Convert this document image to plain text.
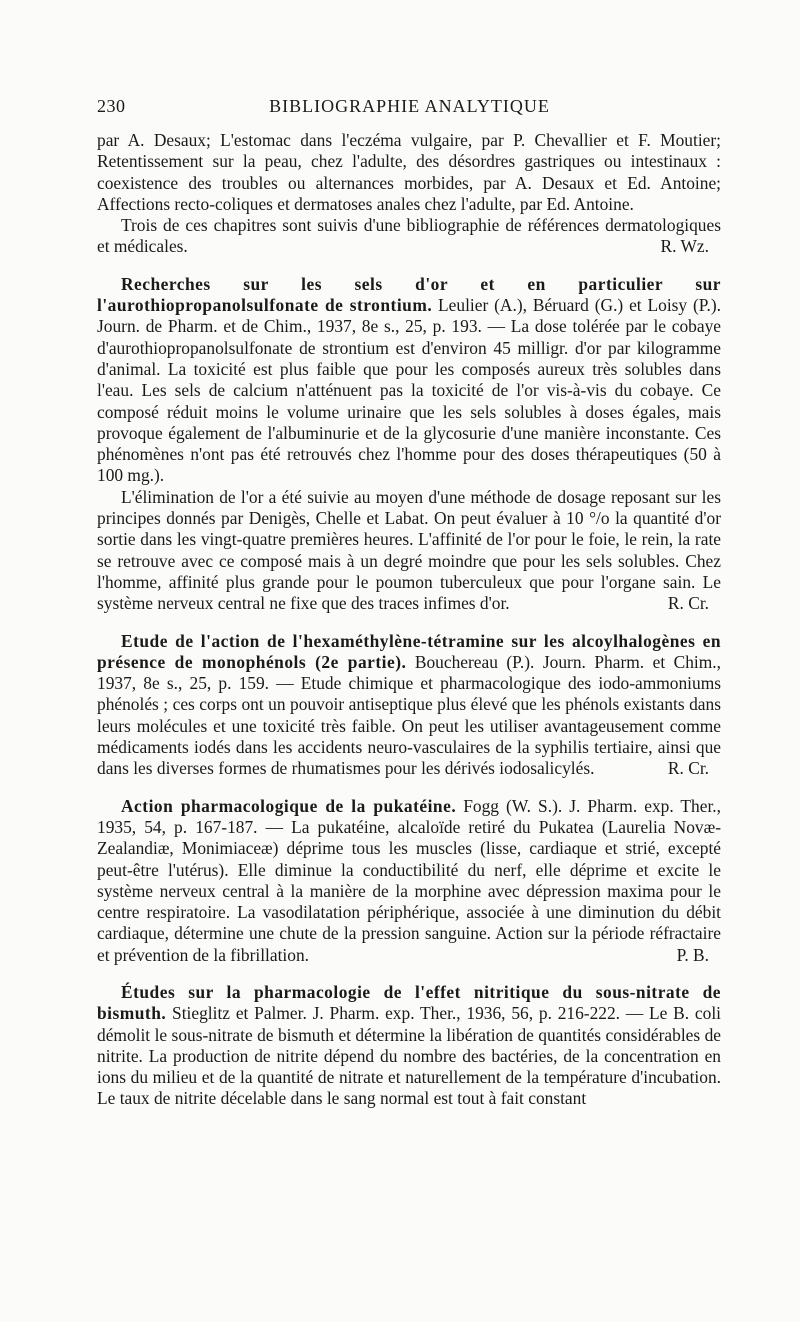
230	BIBLIOGRAPHIE ANALYTIQUE

par A. Desaux; L'estomac dans l'eczéma vulgaire, par P. Chevallier et F. Moutier; Retentissement sur la peau, chez l'adulte, des désordres gastriques ou intestinaux : coexistence des troubles ou alternances morbides, par A. Desaux et Ed. Antoine; Affections recto-coliques et dermatoses anales chez l'adulte, par Ed. Antoine.

Trois de ces chapitres sont suivis d'une bibliographie de références dermatologiques et médicales.	R. Wz.

Recherches sur les sels d'or et en particulier sur l'aurothiopropanolsulfonate de strontium. Leulier (A.), Béruard (G.) et Loisy (P.). Journ. de Pharm. et de Chim., 1937, 8e s., 25, p. 193. — La dose tolérée par le cobaye d'aurothiopropanolsulfonate de strontium est d'environ 45 milligr. d'or par kilogramme d'animal. La toxicité est plus faible que pour les composés aureux très solubles dans l'eau. Les sels de calcium n'atténuent pas la toxicité de l'or vis-à-vis du cobaye. Ce composé réduit moins le volume urinaire que les sels solubles à doses égales, mais provoque également de l'albuminurie et de la glycosurie d'une manière inconstante. Ces phénomènes n'ont pas été retrouvés chez l'homme pour des doses thérapeutiques (50 à 100 mg.).

L'élimination de l'or a été suivie au moyen d'une méthode de dosage reposant sur les principes donnés par Denigès, Chelle et Labat. On peut évaluer à 10 °/o la quantité d'or sortie dans les vingt-quatre premières heures. L'affinité de l'or pour le foie, le rein, la rate se retrouve avec ce composé mais à un degré moindre que pour les sels solubles. Chez l'homme, affinité plus grande pour le poumon tuberculeux que pour l'organe sain. Le système nerveux central ne fixe que des traces infimes d'or.	R. Cr.

Etude de l'action de l'hexaméthylène-tétramine sur les alcoylhalogènes en présence de monophénols (2e partie). Bouchereau (P.). Journ. Pharm. et Chim., 1937, 8e s., 25, p. 159. — Etude chimique et pharmacologique des iodo-ammoniums phénolés ; ces corps ont un pouvoir antiseptique plus élevé que les phénols existants dans leurs molécules et une toxicité très faible. On peut les utiliser avantageusement comme médicaments iodés dans les accidents neuro-vasculaires de la syphilis tertiaire, ainsi que dans les diverses formes de rhumatismes pour les dérivés iodosalicylés.	R. Cr.

Action pharmacologique de la pukatéine. Fogg (W. S.). J. Pharm. exp. Ther., 1935, 54, p. 167-187. — La pukatéine, alcaloïde retiré du Pukatea (Laurelia Novæ-Zealandiæ, Monimiaceæ) déprime tous les muscles (lisse, cardiaque et strié, excepté peut-être l'utérus). Elle diminue la conductibilité du nerf, elle déprime et excite le système nerveux central à la manière de la morphine avec dépression maxima pour le centre respiratoire. La vasodilatation périphérique, associée à une diminution du débit cardiaque, détermine une chute de la pression sanguine. Action sur la période réfractaire et prévention de la fibrillation.	P. B.

Études sur la pharmacologie de l'effet nitritique du sous-nitrate de bismuth. Stieglitz et Palmer. J. Pharm. exp. Ther., 1936, 56, p. 216-222. — Le B. coli démolit le sous-nitrate de bismuth et détermine la libération de quantités considérables de nitrite. La production de nitrite dépend du nombre des bactéries, de la concentration en ions du milieu et de la quantité de nitrate et naturellement de la température d'incubation. Le taux de nitrite décelable dans le sang normal est tout à fait constant
